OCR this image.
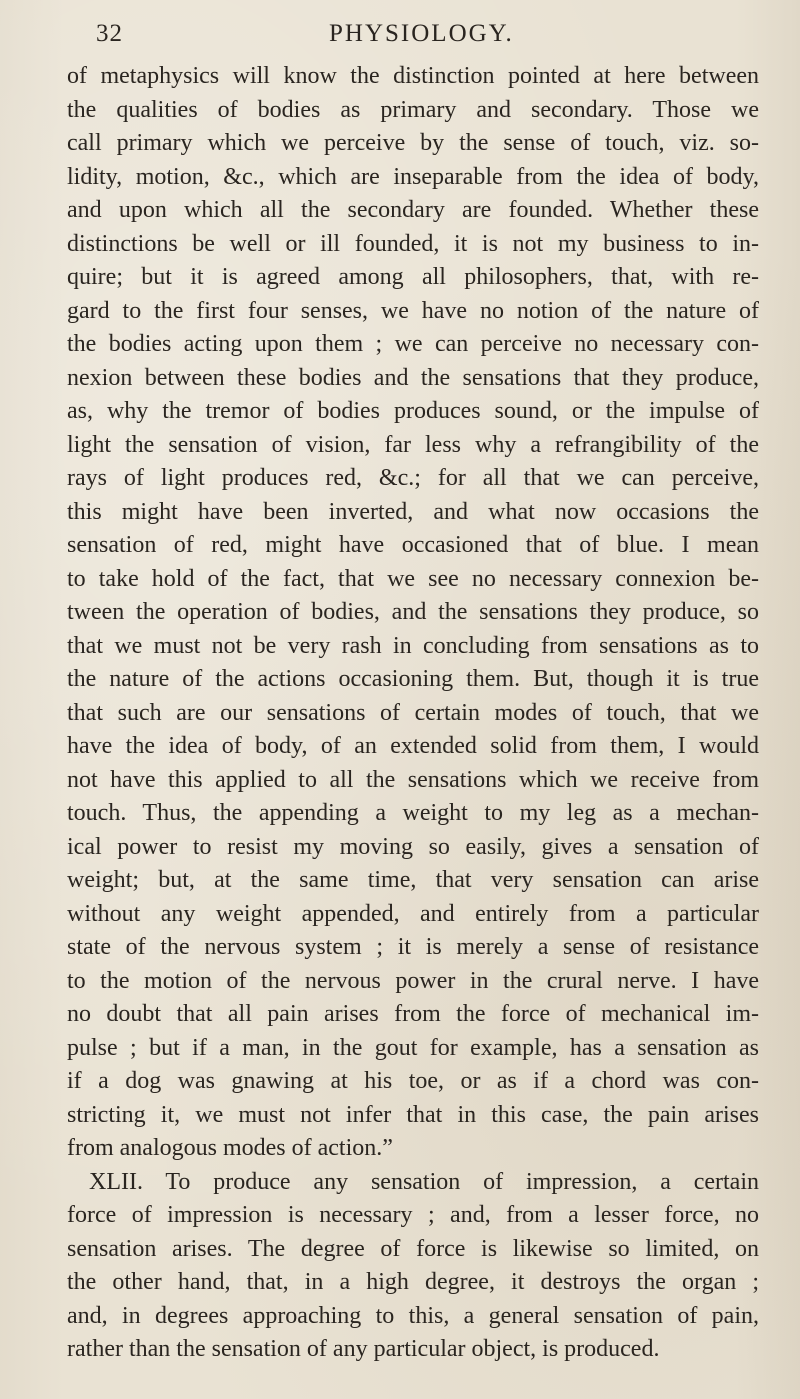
32	PHYSIOLOGY.
of metaphysics will know the distinction pointed at here between
the qualities of bodies as primary and secondary. Those we
call primary which we perceive by the sense of touch, viz. so-
lidity, motion, &c., which are inseparable from the idea of body,
and upon which all the secondary are founded. Whether these
distinctions be well or ill founded, it is not my business to in-
quire; but it is agreed among all philosophers, that, with re-
gard to the first four senses, we have no notion of the nature of
the bodies acting upon them ; we can perceive no necessary con-
nexion between these bodies and the sensations that they produce,
as, why the tremor of bodies produces sound, or the impulse of
light the sensation of vision, far less why a refrangibility of the
rays of light produces red, &c.; for all that we can perceive,
this might have been inverted, and what now occasions the
sensation of red, might have occasioned that of blue. I mean
to take hold of the fact, that we see no necessary connexion be-
tween the operation of bodies, and the sensations they produce, so
that we must not be very rash in concluding from sensations as to
the nature of the actions occasioning them. But, though it is true
that such are our sensations of certain modes of touch, that we
have the idea of body, of an extended solid from them, I would
not have this applied to all the sensations which we receive from
touch. Thus, the appending a weight to my leg as a mechan-
ical power to resist my moving so easily, gives a sensation of
weight; but, at the same time, that very sensation can arise
without any weight appended, and entirely from a particular
state of the nervous system ; it is merely a sense of resistance
to the motion of the nervous power in the crural nerve. I have
no doubt that all pain arises from the force of mechanical im-
pulse ; but if a man, in the gout for example, has a sensation as
if a dog was gnawing at his toe, or as if a chord was con-
stricting it, we must not infer that in this case, the pain arises
from analogous modes of action.”
XLII. To produce any sensation of impression, a certain
force of impression is necessary ; and, from a lesser force, no
sensation arises. The degree of force is likewise so limited, on
the other hand, that, in a high degree, it destroys the organ ;
and, in degrees approaching to this, a general sensation of pain,
rather than the sensation of any particular object, is produced.
